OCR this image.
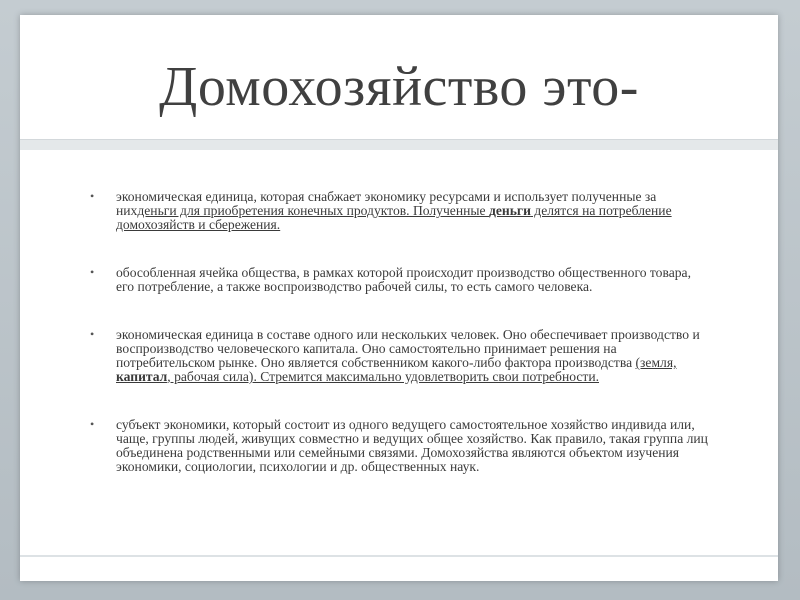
Домохозяйство это-
• экономическая единица, которая снабжает экономику ресурсами и использует полученные за нихденьги для приобретения конечных продуктов. Полученные деньги делятся на потребление домохозяйств и сбережения.
• обособленная ячейка общества, в рамках которой происходит производство общественного товара, его потребление, а также воспроизводство рабочей силы, то есть самого человека.
• экономическая единица в составе одного или нескольких человек. Оно обеспечивает производство и воспроизводство человеческого капитала. Оно самостоятельно принимает решения на потребительском рынке. Оно является собственником какого-либо фактора производства (земля, капитал, рабочая сила). Стремится максимально удовлетворить свои потребности.
• субъект экономики, который состоит из одного ведущего самостоятельное хозяйство индивида или, чаще, группы людей, живущих совместно и ведущих общее хозяйство. Как правило, такая группа лиц объединена родственными или семейными связями. Домохозяйства являются объектом изучения экономики, социологии, психологии и др. общественных наук.
